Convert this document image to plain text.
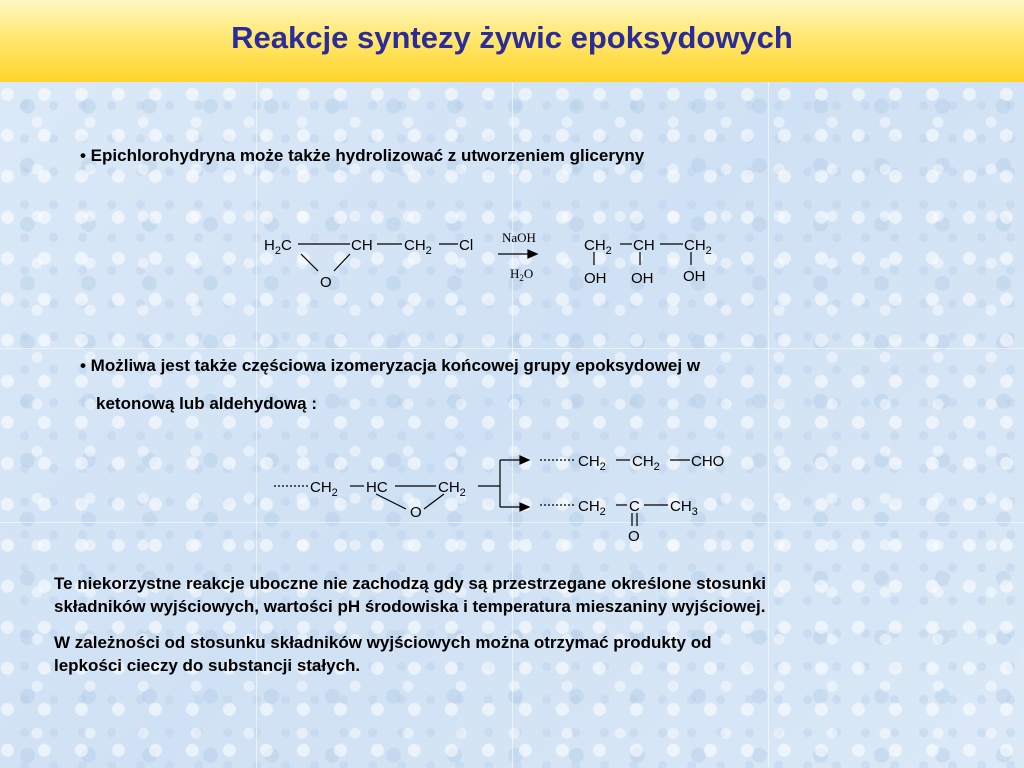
Reakcje syntezy żywic epoksydowych
• Epichlorohydryna może także hydrolizować z utworzeniem gliceryny
$H_2C$	CH $CH_2$ Cl
O
NaOH
$H_2O$
$CH_2$ CH $CH_2$
OH OH OH
• Możliwa jest także częściowa izomeryzacja końcowej grupy epoksydowej w
ketonową lub aldehydową :
$CH_2$ HC	$CH_2$
O
$CH_2$ $CH_2$ CHO
$CH_2$ C $CH_3$
O
Te niekorzystne reakcje uboczne nie zachodzą gdy są przestrzegane określone stosunki
składników wyjściowych, wartości pH środowiska i temperatura mieszaniny wyjściowej.
W zależności od stosunku składników wyjściowych można otrzymać produkty od
lepkości cieczy do substancji stałych.
